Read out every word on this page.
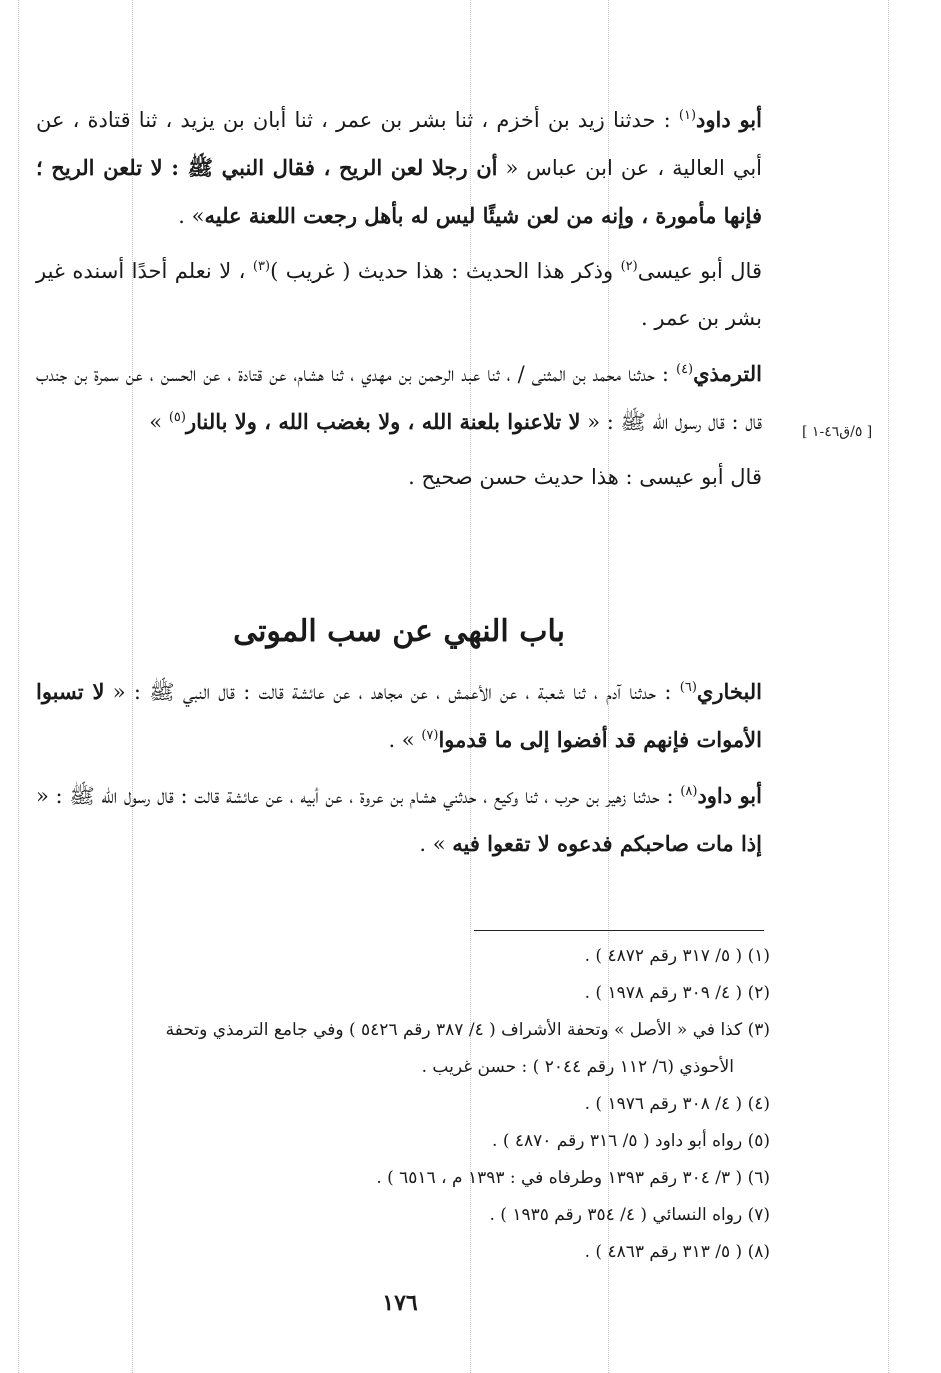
[ ٥/ق٤٦-١ ]

أبو داود$^{(١)}$ : حدثنا زيد بن أخزم ، ثنا بشر بن عمر ، ثنا أبان بن يزيد ، ثنا قتادة ، عن أبي العالية ، عن ابن عباس « أن رجلا لعن الريح ، فقال النبي ﷺ : لا تلعن الريح ؛ فإنها مأمورة ، وإنه من لعن شيئًا ليس له بأهل رجعت اللعنة عليه» .

قال أبو عيسى$^{(٢)}$ وذكر هذا الحديث : هذا حديث ( غريب )$^{(٣)}$ ، لا نعلم أحدًا أسنده غير بشر بن عمر .

الترمذي$^{(٤)}$ : حدثنا محمد بن المثنى / ، ثنا عبد الرحمن بن مهدي ، ثنا هشام، عن قتادة ، عن الحسن ، عن سمرة بن جندب قال : قال رسول الله ﷺ : « لا تلاعنوا بلعنة الله ، ولا بغضب الله ، ولا بالنار$^{(٥)}$ »

قال أبو عيسى : هذا حديث حسن صحيح .

باب النهي عن سب الموتى

البخاري$^{(٦)}$ : حدثنا آدم ، ثنا شعبة ، عن الأعمش ، عن مجاهد ، عن عائشة قالت : قال النبي ﷺ : « لا تسبوا الأموات فإنهم قد أفضوا إلى ما قدموا$^{(٧)}$ » .

أبو داود$^{(٨)}$ : حدثنا زهير بن حرب ، ثنا وكيع ، حدثني هشام بن عروة ، عن أبيه ، عن عائشة قالت : قال رسول الله ﷺ : « إذا مات صاحبكم فدعوه لا تقعوا فيه » .

(١) ( ٥/ ٣١٧ رقم ٤٨٧٢ ) .

(٢) ( ٤/ ٣٠٩ رقم ١٩٧٨ ) .

(٣) كذا في « الأصل » وتحفة الأشراف ( ٤/ ٣٨٧ رقم ٥٤٢٦ ) وفي جامع الترمذي وتحفة

الأحوذي (٦/ ١١٢ رقم ٢٠٤٤ ) : حسن غريب .

(٤) ( ٤/ ٣٠٨ رقم ١٩٧٦ ) .

(٥) رواه أبو داود ( ٥/ ٣١٦ رقم ٤٨٧٠ ) .

(٦) ( ٣/ ٣٠٤ رقم ١٣٩٣ وطرفاه في : ١٣٩٣ م ، ٦٥١٦ ) .

(٧) رواه النسائي ( ٤/ ٣٥٤ رقم ١٩٣٥ ) .

(٨) ( ٥/ ٣١٣ رقم ٤٨٦٣ ) .

١٧٦
